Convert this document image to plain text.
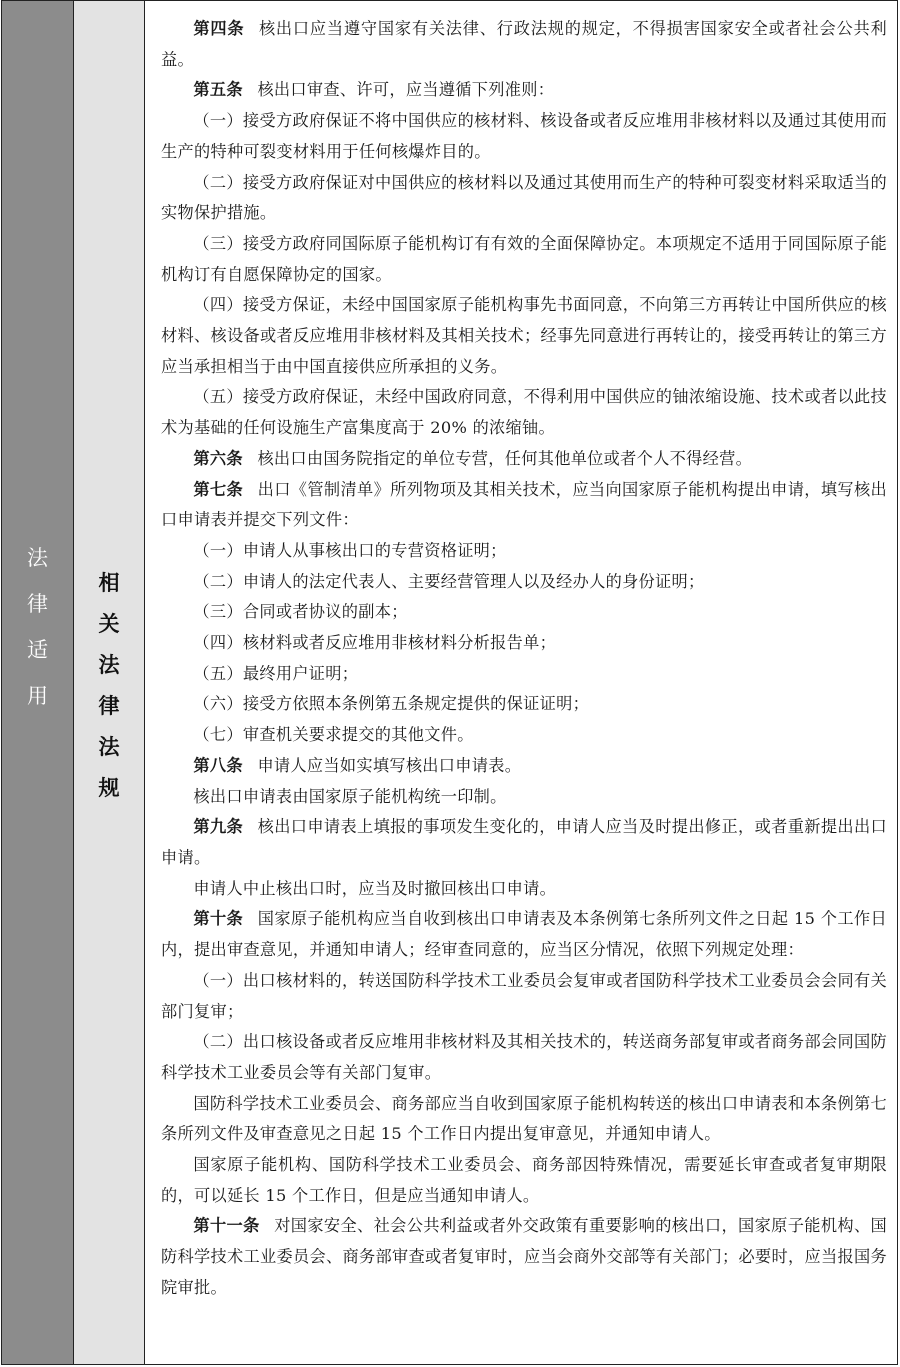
法
律
适
用
相
关
法
律
法
规

第四条 核出口应当遵守国家有关法律、行政法规的规定，不得损害国家安全或者社会公共利益。

第五条 核出口审查、许可，应当遵循下列准则：

（一）接受方政府保证不将中国供应的核材料、核设备或者反应堆用非核材料以及通过其使用而生产的特种可裂变材料用于任何核爆炸目的。

（二）接受方政府保证对中国供应的核材料以及通过其使用而生产的特种可裂变材料采取适当的实物保护措施。

（三）接受方政府同国际原子能机构订有有效的全面保障协定。本项规定不适用于同国际原子能机构订有自愿保障协定的国家。

（四）接受方保证，未经中国国家原子能机构事先书面同意，不向第三方再转让中国所供应的核材料、核设备或者反应堆用非核材料及其相关技术；经事先同意进行再转让的，接受再转让的第三方应当承担相当于由中国直接供应所承担的义务。

（五）接受方政府保证，未经中国政府同意，不得利用中国供应的铀浓缩设施、技术或者以此技术为基础的任何设施生产富集度高于 20% 的浓缩铀。

第六条 核出口由国务院指定的单位专营，任何其他单位或者个人不得经营。

第七条 出口《管制清单》所列物项及其相关技术，应当向国家原子能机构提出申请，填写核出口申请表并提交下列文件：

（一）申请人从事核出口的专营资格证明；

（二）申请人的法定代表人、主要经营管理人以及经办人的身份证明；

（三）合同或者协议的副本；

（四）核材料或者反应堆用非核材料分析报告单；

（五）最终用户证明；

（六）接受方依照本条例第五条规定提供的保证证明；

（七）审查机关要求提交的其他文件。

第八条 申请人应当如实填写核出口申请表。

核出口申请表由国家原子能机构统一印制。

第九条 核出口申请表上填报的事项发生变化的，申请人应当及时提出修正，或者重新提出出口申请。

申请人中止核出口时，应当及时撤回核出口申请。

第十条 国家原子能机构应当自收到核出口申请表及本条例第七条所列文件之日起 15 个工作日内，提出审查意见，并通知申请人；经审查同意的，应当区分情况，依照下列规定处理：

（一）出口核材料的，转送国防科学技术工业委员会复审或者国防科学技术工业委员会会同有关部门复审；

（二）出口核设备或者反应堆用非核材料及其相关技术的，转送商务部复审或者商务部会同国防科学技术工业委员会等有关部门复审。

国防科学技术工业委员会、商务部应当自收到国家原子能机构转送的核出口申请表和本条例第七条所列文件及审查意见之日起 15 个工作日内提出复审意见，并通知申请人。

国家原子能机构、国防科学技术工业委员会、商务部因特殊情况，需要延长审查或者复审期限的，可以延长 15 个工作日，但是应当通知申请人。

第十一条 对国家安全、社会公共利益或者外交政策有重要影响的核出口，国家原子能机构、国防科学技术工业委员会、商务部审查或者复审时，应当会商外交部等有关部门；必要时，应当报国务院审批。
